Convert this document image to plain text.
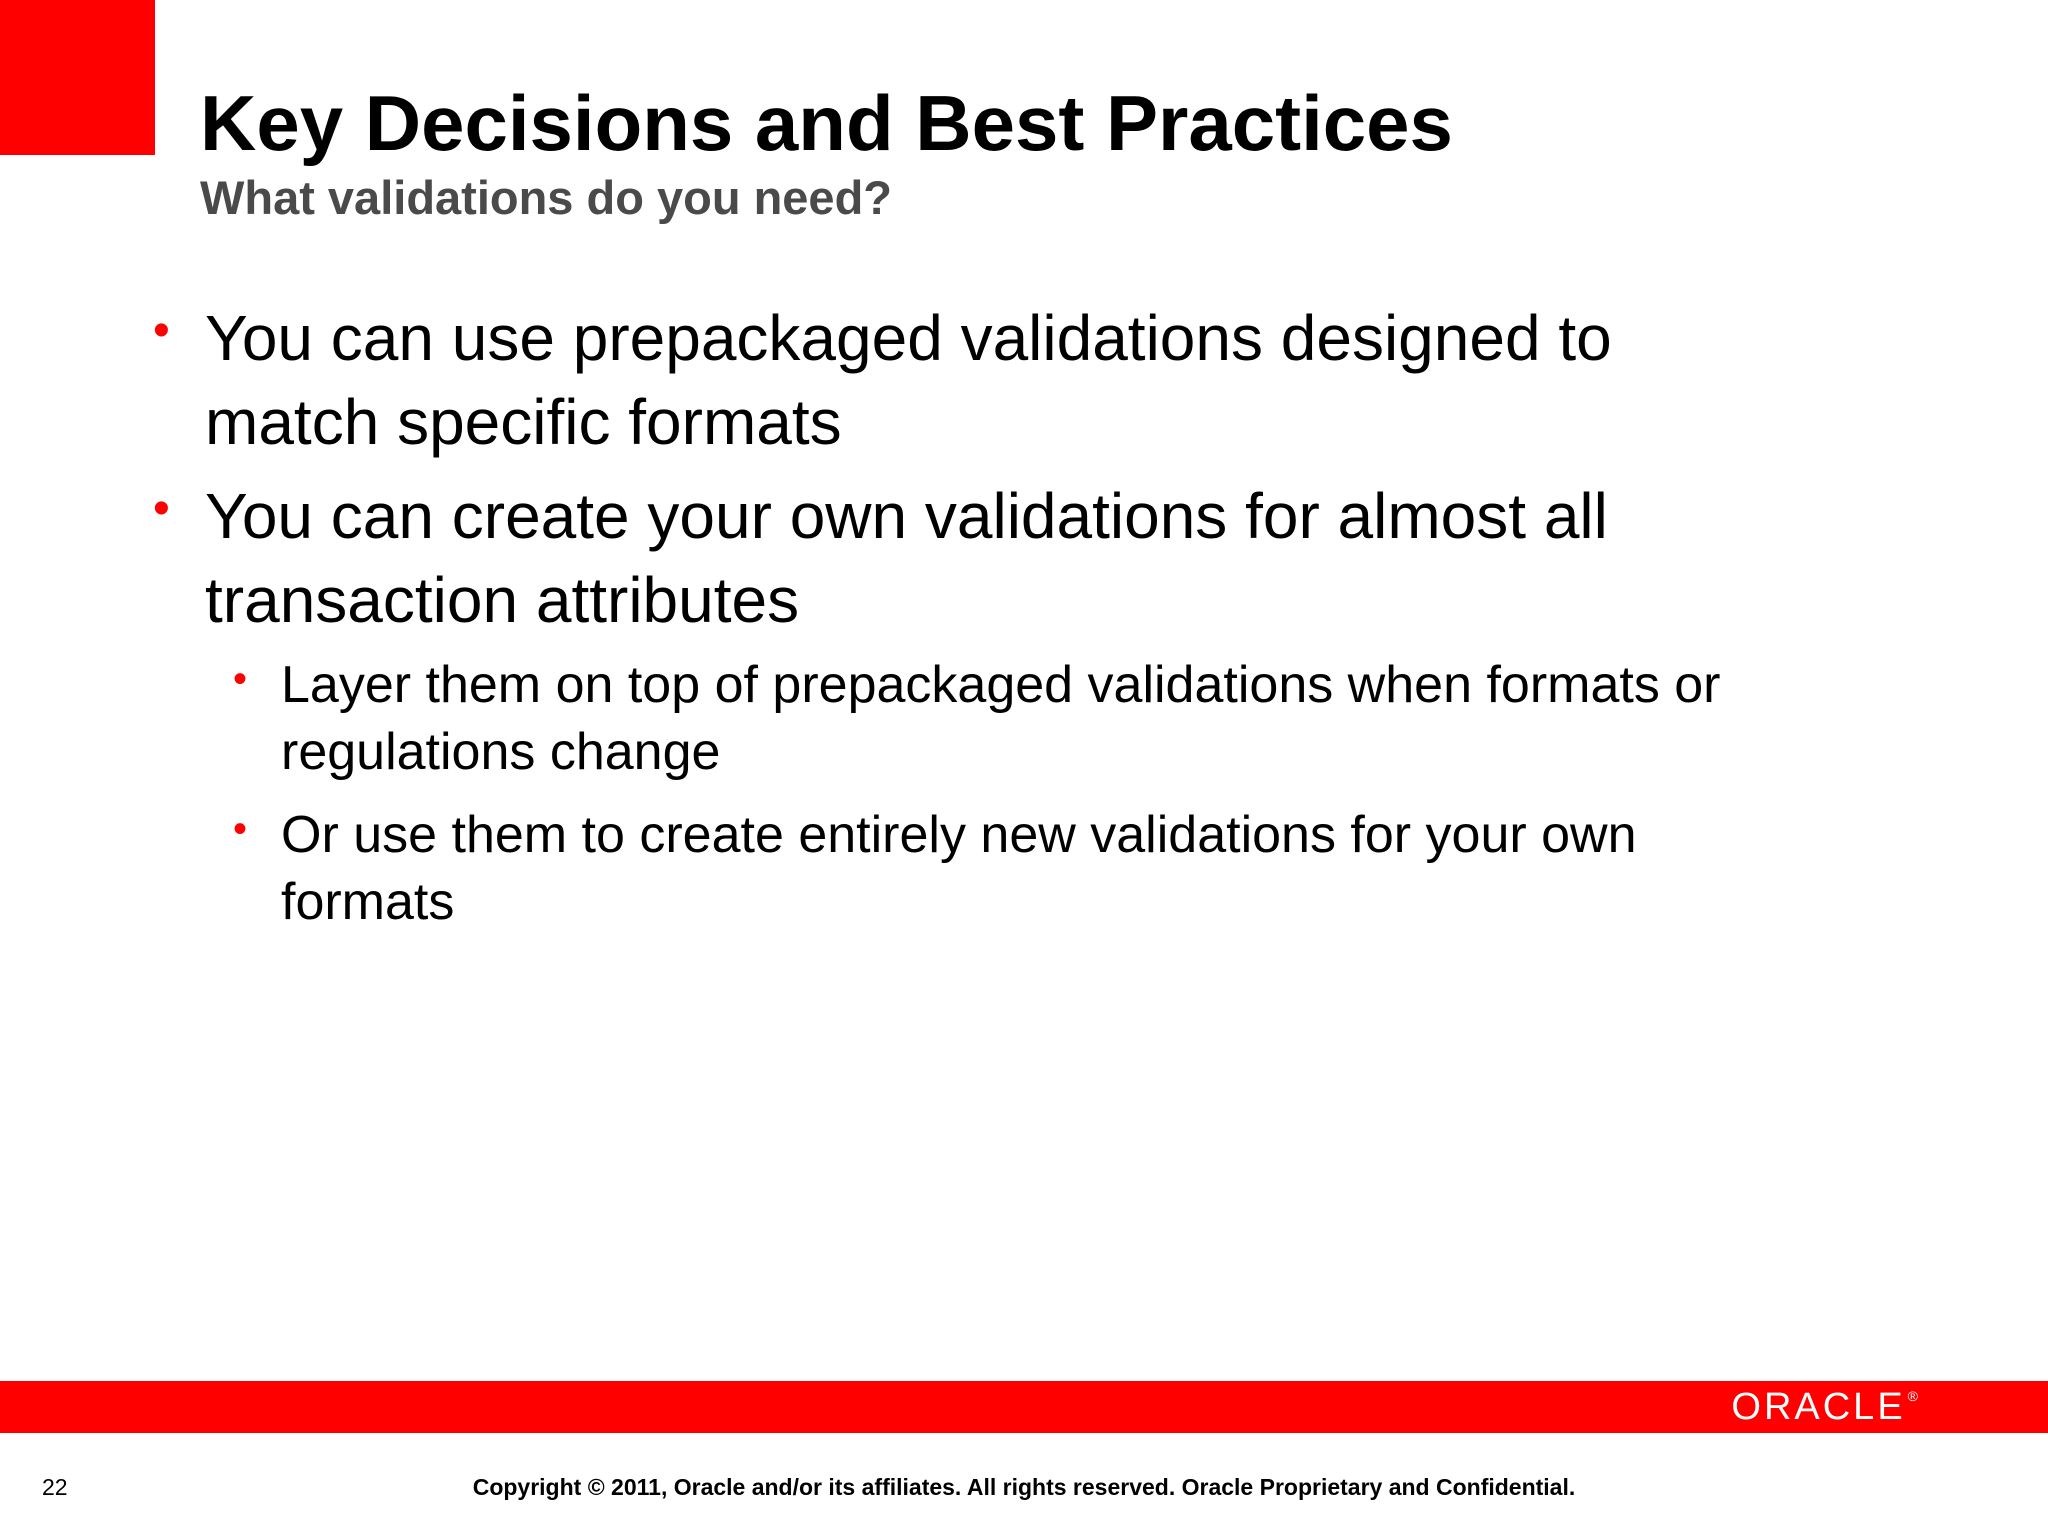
Key Decisions and Best Practices
What validations do you need?
• You can use prepackaged validations designed to match specific formats
• You can create your own validations for almost all transaction attributes
• Layer them on top of prepackaged validations when formats or regulations change
• Or use them to create entirely new validations for your own formats
ORACLE ®
22	Copyright © 2011, Oracle and/or its affiliates. All rights reserved. Oracle Proprietary and Confidential.
